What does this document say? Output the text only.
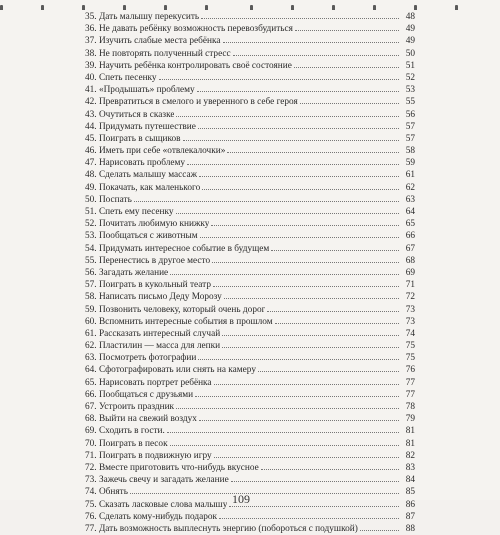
35. Дать малышу перекусить	48
36. Не давать ребёнку возможность перевозбудиться	49
37. Изучить слабые места ребёнка	49
38. Не повторять полученный стресс	50
39. Научить ребёнка контролировать своё состояние	51
40. Спеть песенку	52
41. «Продышать» проблему	53
42. Превратиться в смелого и уверенного в себе героя	55
43. Очутиться в сказке	56
44. Придумать путешествие	57
45. Поиграть в сыщиков	57
46. Иметь при себе «отвлекалочки»	58
47. Нарисовать проблему	59
48. Сделать малышу массаж	61
49. Покачать, как маленького	62
50. Поспать	63
51. Спеть ему песенку	64
52. Почитать любимую книжку	65
53. Пообщаться с животным	66
54. Придумать интересное событие в будущем	67
55. Перенестись в другое место	68
56. Загадать желание	69
57. Поиграть в кукольный театр	71
58. Написать письмо Деду Морозу	72
59. Позвонить человеку, который очень дорог	73
60. Вспомнить интересные события в прошлом	73
61. Рассказать интересный случай	74
62. Пластилин — масса для лепки	75
63. Посмотреть фотографии	75
64. Сфотографировать или снять на камеру	76
65. Нарисовать портрет ребёнка	77
66. Пообщаться с друзьями	77
67. Устроить праздник	78
68. Выйти на свежий воздух	79
69. Сходить в гости.	81
70. Поиграть в песок	81
71. Поиграть в подвижную игру	82
72. Вместе приготовить что-нибудь вкусное	83
73. Зажечь свечу и загадать желание	84
74. Обнять	85
75. Сказать ласковые слова малышу	86
76. Сделать кому-нибудь подарок	87
77. Дать возможность выплеснуть энергию (побороться с подушкой)	88
109
